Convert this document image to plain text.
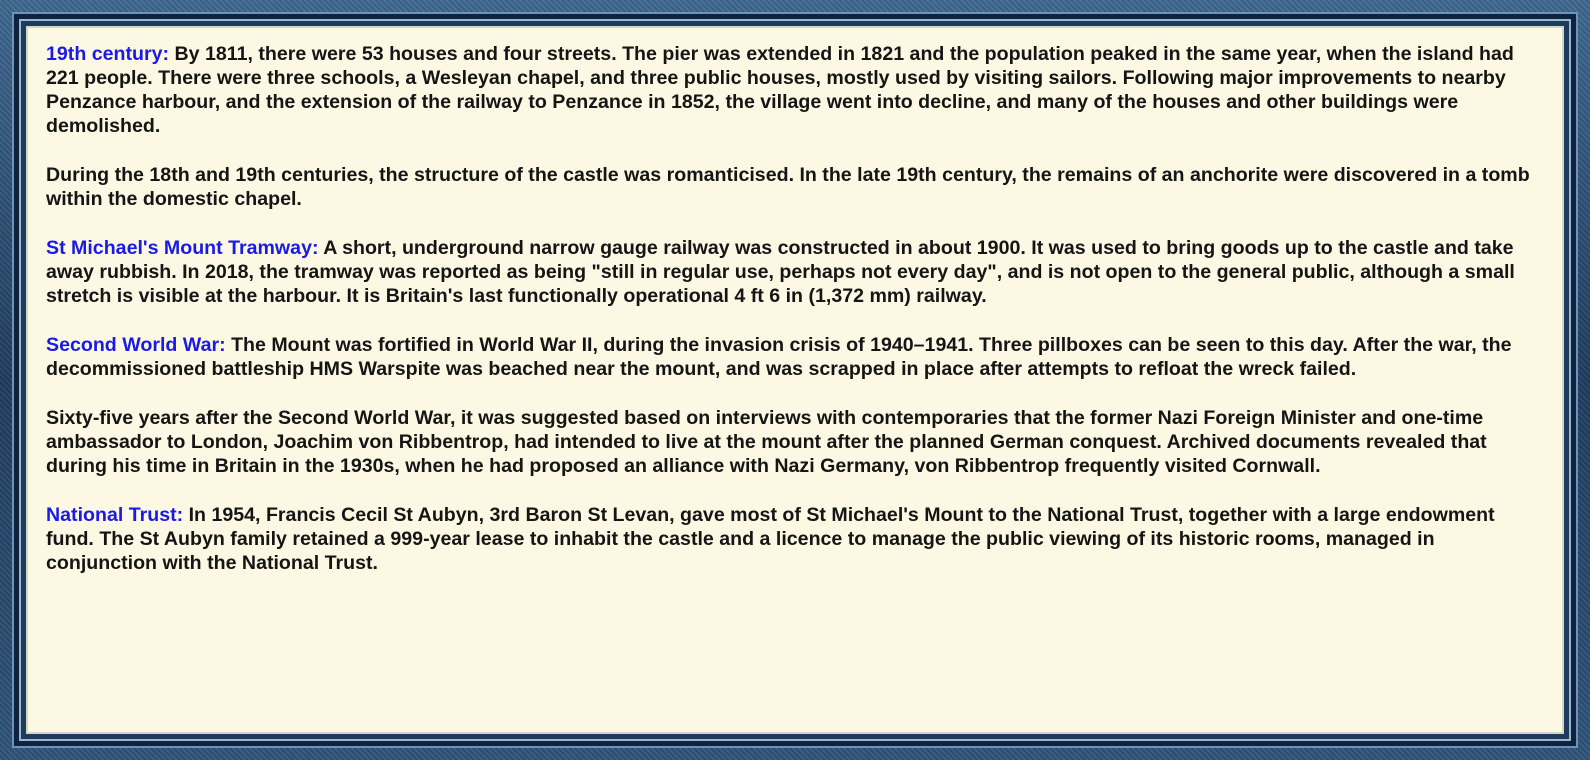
19th century: By 1811, there were 53 houses and four streets. The pier was extended in 1821 and the population peaked in the same year, when the island had 221 people. There were three schools, a Wesleyan chapel, and three public houses, mostly used by visiting sailors. Following major improvements to nearby Penzance harbour, and the extension of the railway to Penzance in 1852, the village went into decline, and many of the houses and other buildings were demolished.

During the 18th and 19th centuries, the structure of the castle was romanticised. In the late 19th century, the remains of an anchorite were discovered in a tomb within the domestic chapel.

St Michael's Mount Tramway: A short, underground narrow gauge railway was constructed in about 1900. It was used to bring goods up to the castle and take away rubbish. In 2018, the tramway was reported as being "still in regular use, perhaps not every day", and is not open to the general public, although a small stretch is visible at the harbour. It is Britain's last functionally operational 4 ft 6 in (1,372 mm) railway.

Second World War: The Mount was fortified in World War II, during the invasion crisis of 1940–1941. Three pillboxes can be seen to this day. After the war, the decommissioned battleship HMS Warspite was beached near the mount, and was scrapped in place after attempts to refloat the wreck failed.

Sixty-five years after the Second World War, it was suggested based on interviews with contemporaries that the former Nazi Foreign Minister and one-time ambassador to London, Joachim von Ribbentrop, had intended to live at the mount after the planned German conquest. Archived documents revealed that during his time in Britain in the 1930s, when he had proposed an alliance with Nazi Germany, von Ribbentrop frequently visited Cornwall.

National Trust: In 1954, Francis Cecil St Aubyn, 3rd Baron St Levan, gave most of St Michael's Mount to the National Trust, together with a large endowment fund. The St Aubyn family retained a 999-year lease to inhabit the castle and a licence to manage the public viewing of its historic rooms, managed in conjunction with the National Trust.
